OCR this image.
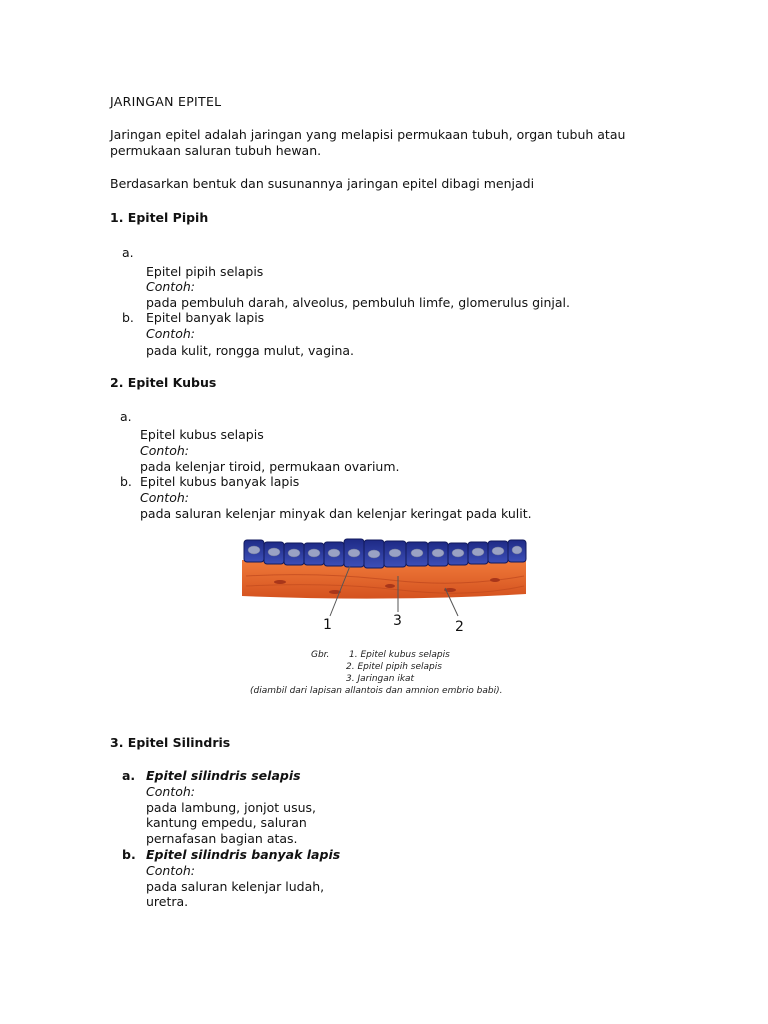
JARINGAN EPITEL
Jaringan epitel adalah jaringan yang melapisi permukaan tubuh, organ tubuh atau
permukaan saluran tubuh hewan.
Berdasarkan bentuk dan susunannya jaringan epitel dibagi menjadi
1. Epitel Pipih
a.
Epitel pipih selapis
Contoh:
pada pembuluh darah, alveolus, pembuluh limfe, glomerulus ginjal.
b. Epitel banyak lapis
Contoh:
pada kulit, rongga mulut, vagina.
2. Epitel Kubus
a.
Epitel kubus selapis
Contoh:
pada kelenjar tiroid, permukaan ovarium.
b. Epitel kubus banyak lapis
Contoh:
pada saluran kelenjar minyak dan kelenjar keringat pada kulit.
1	3	2
Gbr. 1. Epitel kubus selapis
2. Epitel pipih selapis
3. Jaringan ikat
(diambil dari lapisan allantois dan amnion embrio babi).
3. Epitel Silindris
a. Epitel silindris selapis
Contoh:
pada lambung, jonjot usus,
kantung empedu, saluran
pernafasan bagian atas.
b. Epitel silindris banyak lapis
Contoh:
pada saluran kelenjar ludah,
uretra.
